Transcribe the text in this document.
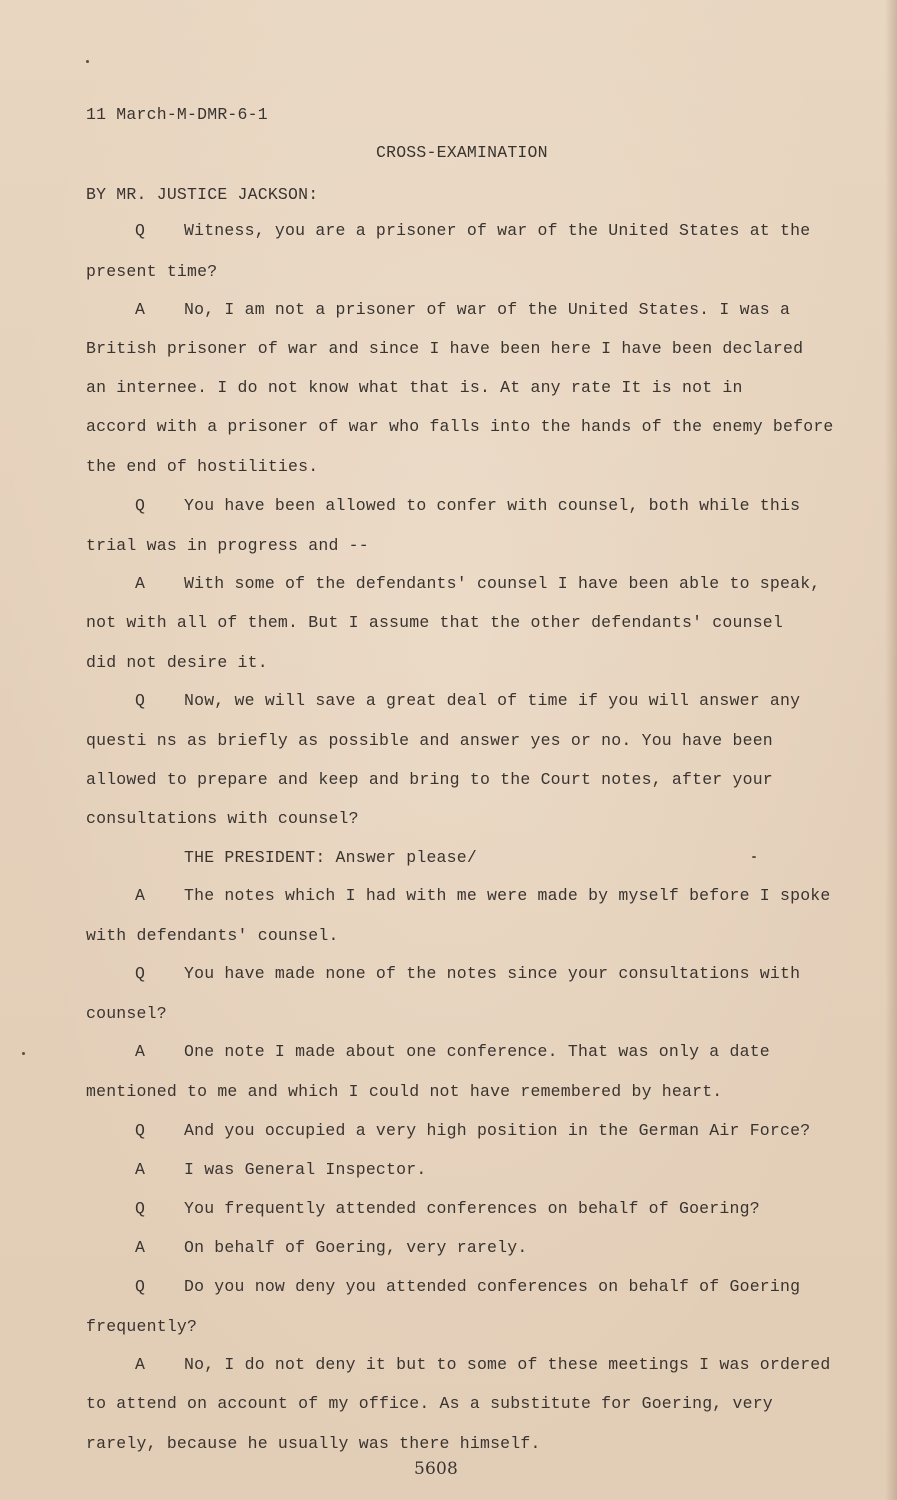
11 March-M-DMR-6-1
CROSS-EXAMINATION
BY MR. JUSTICE JACKSON:
Q Witness, you are a prisoner of war of the United States at the
present time?
A No, I am not a prisoner of war of the United States. I was a
British prisoner of war and since I have been here I have been declared
an internee. I do not know what that is. At any rate It is not in
accord with a prisoner of war who falls into the hands of the enemy before
the end of hostilities.
Q You have been allowed to confer with counsel, both while this
trial was in progress and --
A With some of the defendants' counsel I have been able to speak,
not with all of them. But I assume that the other defendants' counsel
did not desire it.
Q Now, we will save a great deal of time if you will answer any
questi ns as briefly as possible and answer yes or no. You have been
allowed to prepare and keep and bring to the Court notes, after your
consultations with counsel?
THE PRESIDENT: Answer please/
A The notes which I had with me were made by myself before I spoke
with defendants' counsel.
Q You have made none of the notes since your consultations with
counsel?
A One note I made about one conference. That was only a date
mentioned to me and which I could not have remembered by heart.
Q And you occupied a very high position in the German Air Force?
A I was General Inspector.
Q You frequently attended conferences on behalf of Goering?
A On behalf of Goering, very rarely.
Q Do you now deny you attended conferences on behalf of Goering
frequently?
A No, I do not deny it but to some of these meetings I was ordered
to attend on account of my office. As a substitute for Goering, very
rarely, because he usually was there himself.
5608
